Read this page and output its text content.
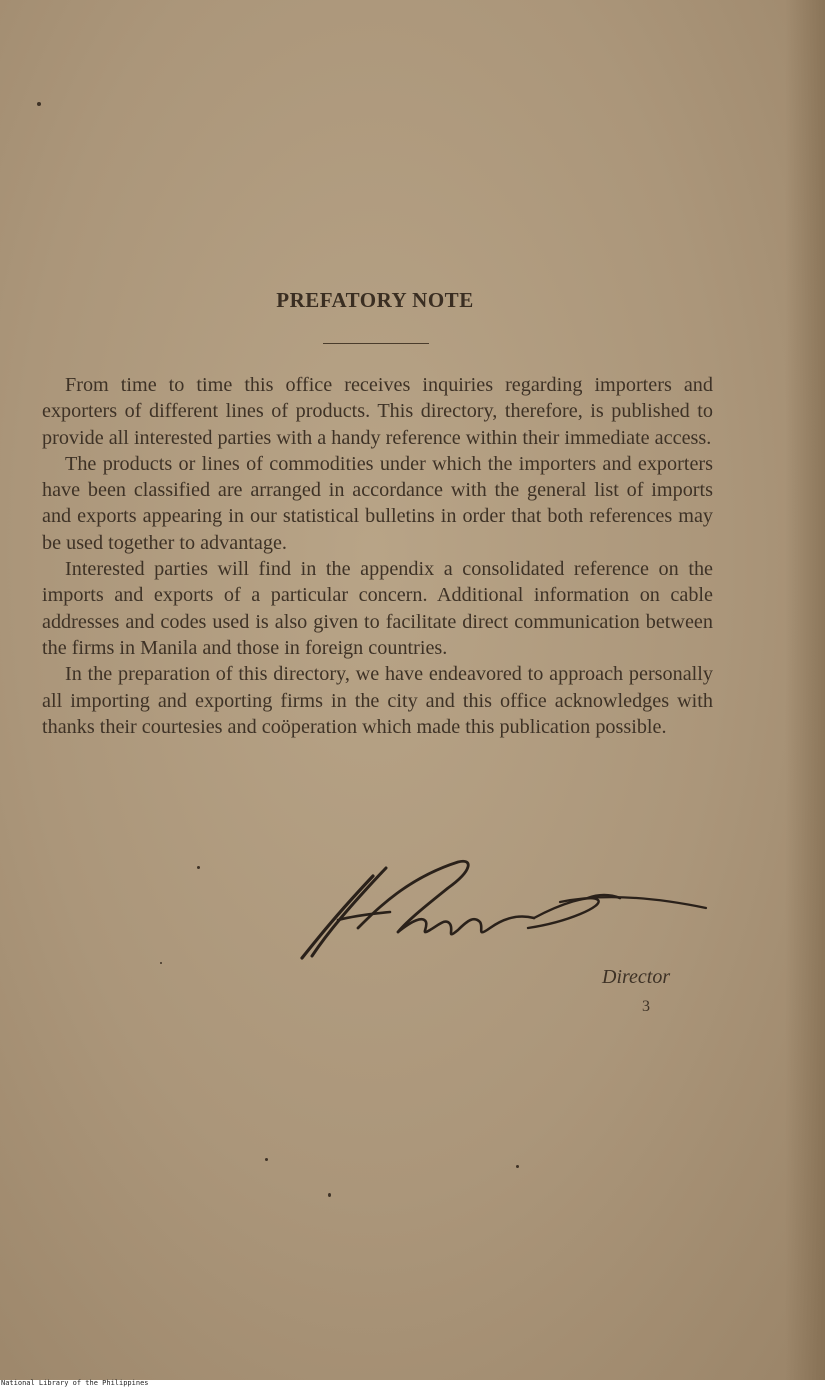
PREFATORY NOTE

From time to time this office receives inquiries regarding importers and exporters of different lines of products. This directory, therefore, is published to provide all interested parties with a handy reference within their immediate access.

The products or lines of commodities under which the importers and exporters have been classified are arranged in accordance with the general list of imports and exports appearing in our statistical bulletins in order that both references may be used together to advantage.

Interested parties will find in the appendix a consolidated reference on the imports and exports of a particular concern. Additional information on cable addresses and codes used is also given to facilitate direct communication between the firms in Manila and those in foreign countries.

In the preparation of this directory, we have endeavored to approach personally all importing and exporting firms in the city and this office acknowledges with thanks their courtesies and coöperation which made this publication possible.

Director
3
National Library of the Philippines
